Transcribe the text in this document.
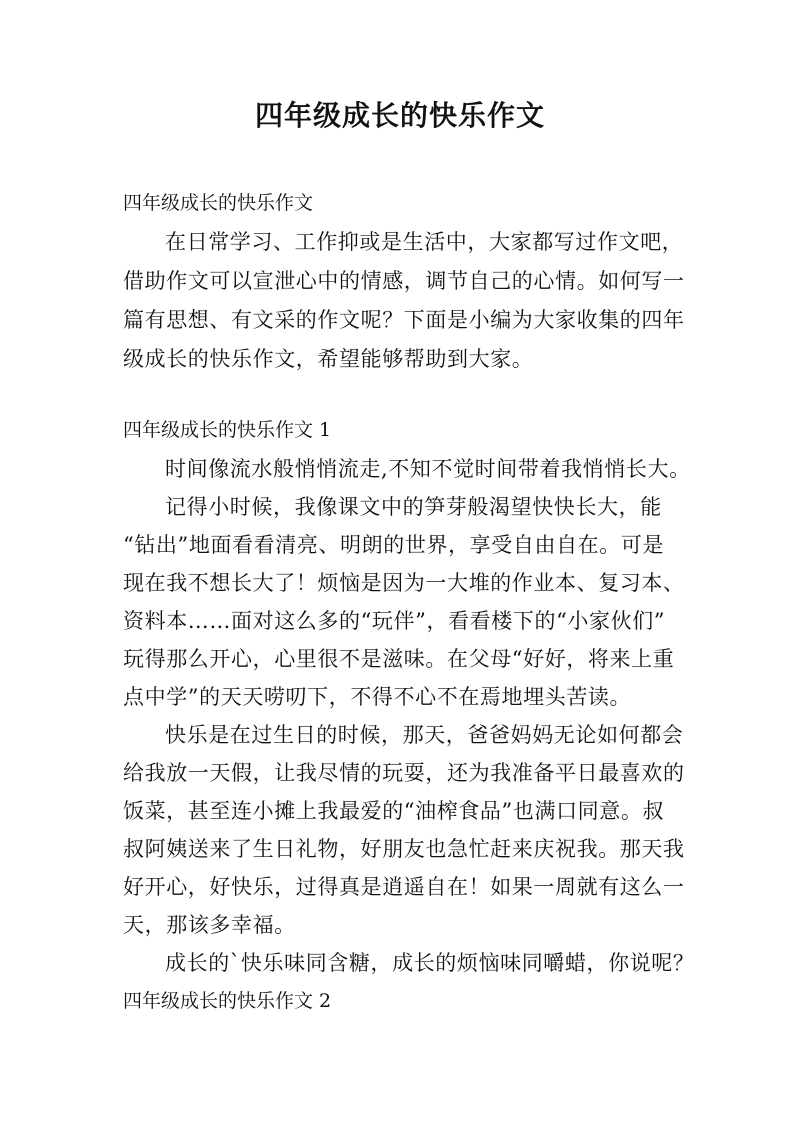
四年级成长的快乐作文
四年级成长的快乐作文
在日常学习、工作抑或是生活中，大家都写过作文吧，
借助作文可以宣泄心中的情感，调节自己的心情。如何写一
篇有思想、有文采的作文呢？下面是小编为大家收集的四年
级成长的快乐作文，希望能够帮助到大家。
四年级成长的快乐作文 1
时间像流水般悄悄流走,不知不觉时间带着我悄悄长大。
记得小时候，我像课文中的笋芽般渴望快快长大，能
“钻出”地面看看清亮、明朗的世界，享受自由自在。可是
现在我不想长大了！烦恼是因为一大堆的作业本、复习本、
资料本……面对这么多的“玩伴”，看看楼下的“小家伙们”
玩得那么开心，心里很不是滋味。在父母“好好，将来上重
点中学”的天天唠叨下，不得不心不在焉地埋头苦读。
快乐是在过生日的时候，那天，爸爸妈妈无论如何都会
给我放一天假，让我尽情的玩耍，还为我准备平日最喜欢的
饭菜，甚至连小摊上我最爱的“油榨食品”也满口同意。叔
叔阿姨送来了生日礼物，好朋友也急忙赶来庆祝我。那天我
好开心，好快乐，过得真是逍遥自在！如果一周就有这么一
天，那该多幸福。
成长的`快乐味同含糖，成长的烦恼味同嚼蜡，你说呢？
四年级成长的快乐作文 2
